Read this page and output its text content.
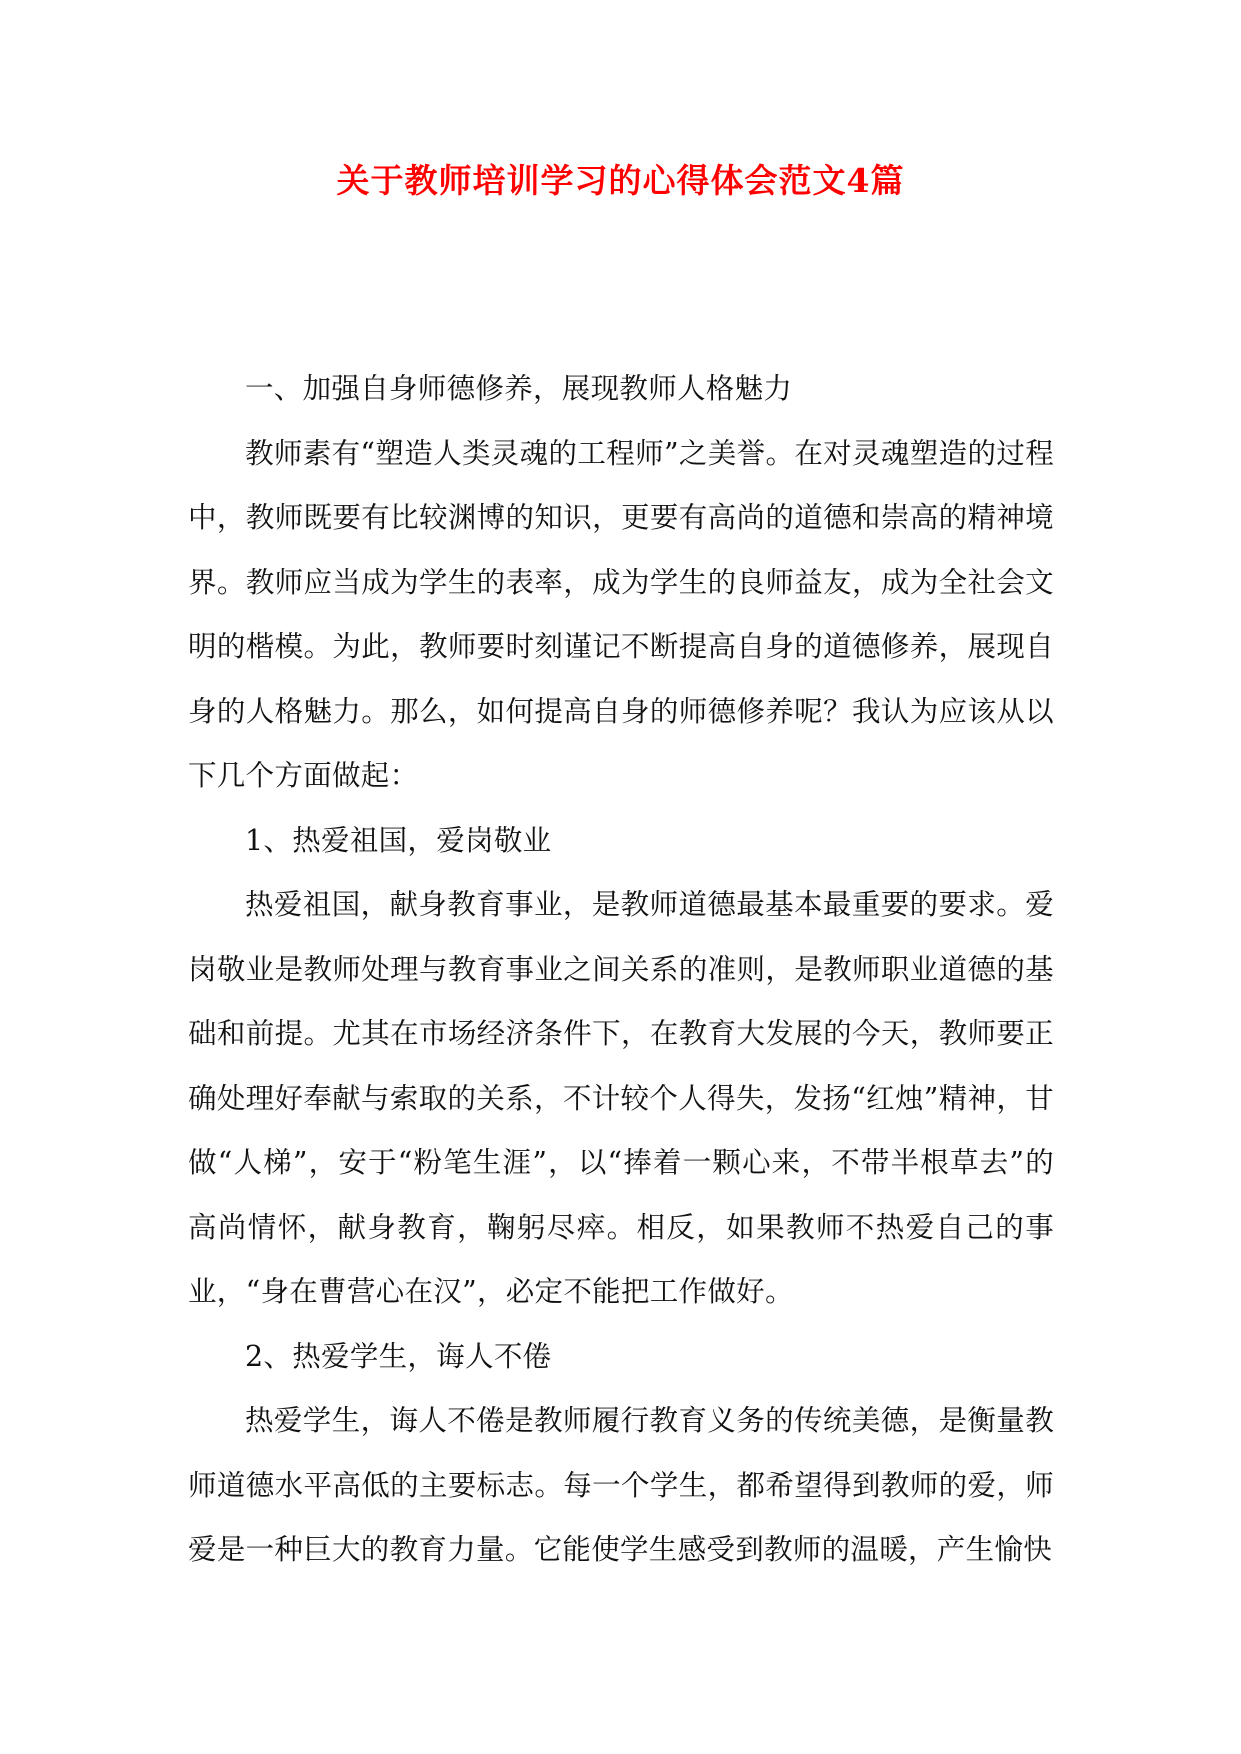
关于教师培训学习的心得体会范文4篇

一、加强自身师德修养，展现教师人格魅力

教师素有“塑造人类灵魂的工程师”之美誉。在对灵魂塑造的过程中，教师既要有比较渊博的知识，更要有高尚的道德和崇高的精神境界。教师应当成为学生的表率，成为学生的良师益友，成为全社会文明的楷模。为此，教师要时刻谨记不断提高自身的道德修养，展现自身的人格魅力。那么，如何提高自身的师德修养呢？我认为应该从以下几个方面做起：

1、热爱祖国，爱岗敬业

热爱祖国，献身教育事业，是教师道德最基本最重要的要求。爱岗敬业是教师处理与教育事业之间关系的准则，是教师职业道德的基础和前提。尤其在市场经济条件下，在教育大发展的今天，教师要正确处理好奉献与索取的关系，不计较个人得失，发扬“红烛”精神，甘做“人梯”，安于“粉笔生涯”，以“捧着一颗心来，不带半根草去”的高尚情怀，献身教育，鞠躬尽瘁。相反，如果教师不热爱自己的事业，“身在曹营心在汉”，必定不能把工作做好。

2、热爱学生，诲人不倦

热爱学生，诲人不倦是教师履行教育义务的传统美德，是衡量教师道德水平高低的主要标志。每一个学生，都希望得到教师的爱，师爱是一种巨大的教育力量。它能使学生感受到教师的温暖，产生愉快
